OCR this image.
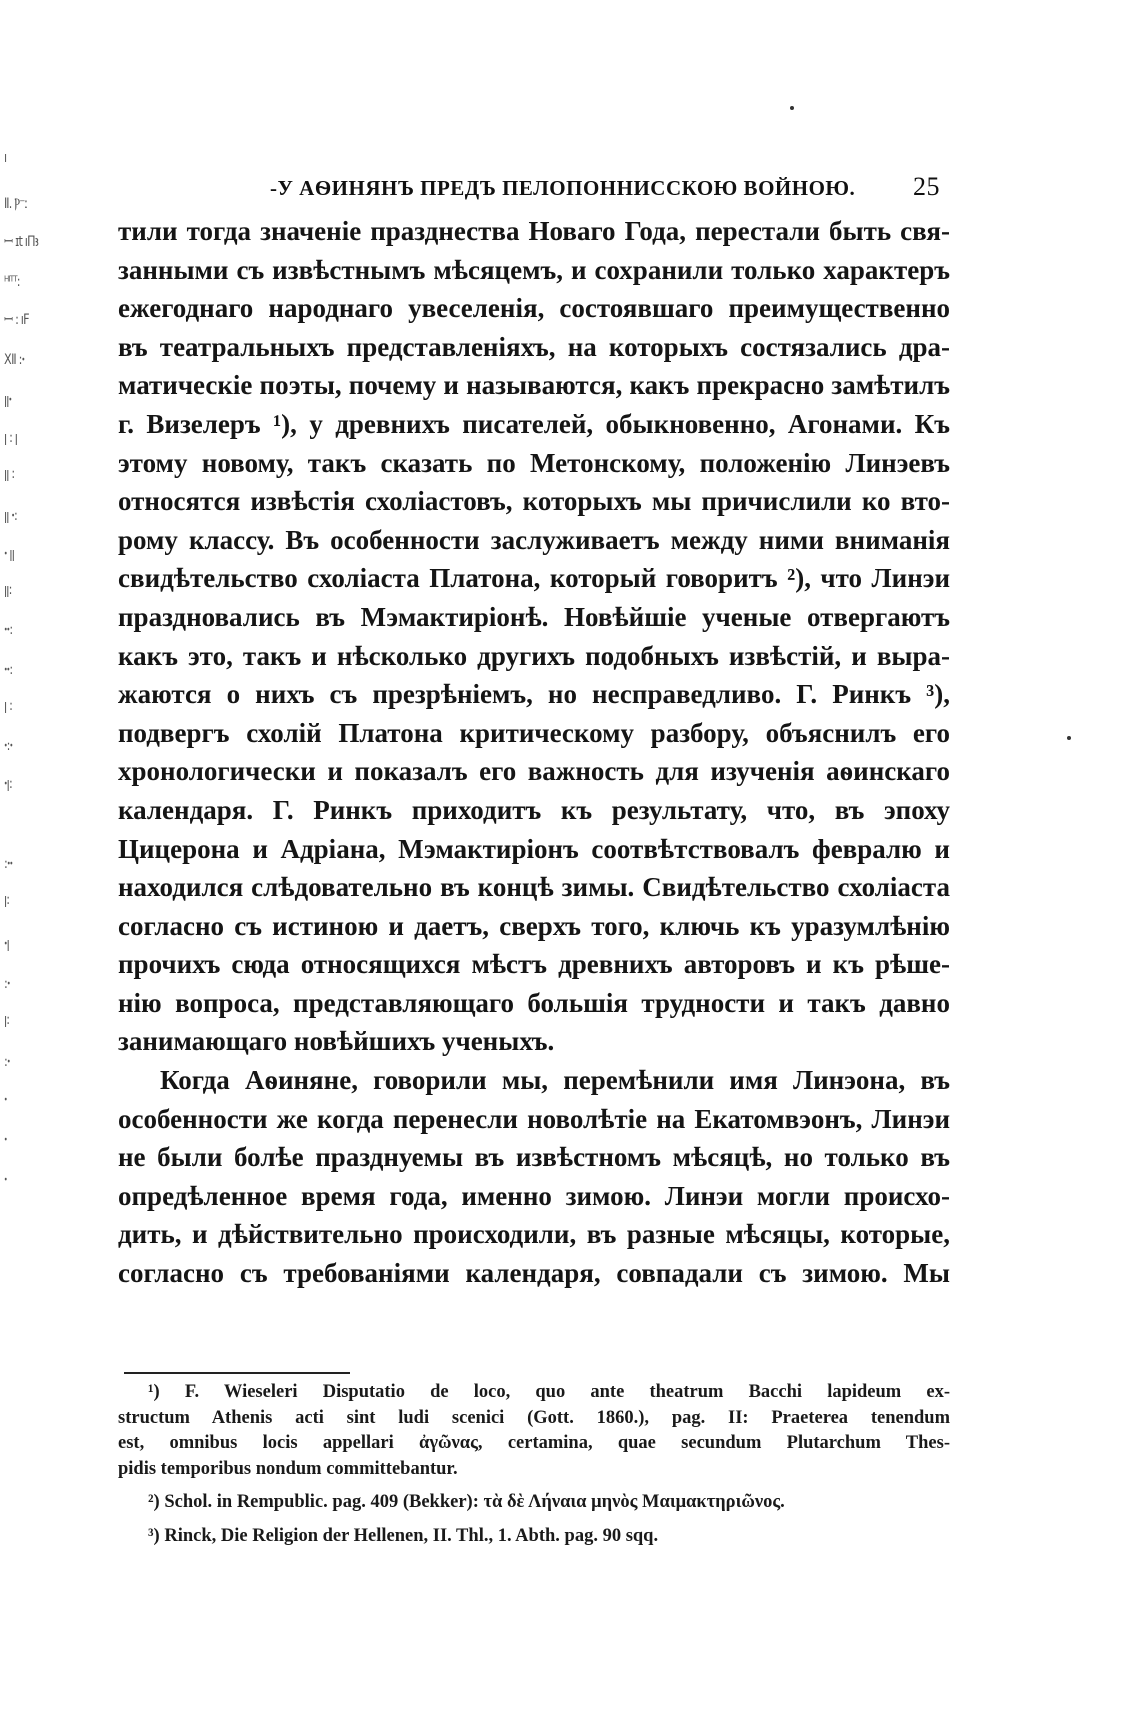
ı
Ⅱ. Ⲣ⁻ː
ꟷ ɪt ıПꜣ
ᴴᴵᵀᵀ:
ꟷ ꞉ ıF
Ⅻ ꞉ꞏ
ꞁꞁꞏ
ꞁ ꞉ ꞁ
ꞁꞁ ꞉
ꞁꞁ ꞏ꞉
ꞏ ꞁꞁ
ꞁꞁ꞉
ꞏꞏ꞉
ꞏꞏ꞉
ꞁ ꞉
ꞏ꞉ꞏ
ꞏꞁ꞉
꞉ꞏꞏ
ꞁ꞉
ꞏꞁ
꞉ꞏ
ꞁ꞉
꞉ꞏ
ꞏ
ꞏ
ꞏ
-У АѲИНЯНЪ ПРЕДЪ ПЕЛОПОННИССКОЮ ВОЙНОЮ. 25
тили тогда значеніе празднества Новаго Года, перестали быть свя-
занными съ извѣстнымъ мѣсяцемъ, и сохранили только характеръ
ежегоднаго народнаго увеселенія, состоявшаго преимущественно
въ театральныхъ представленіяхъ, на которыхъ состязались дра-
матическіе поэты, почему и называются, какъ прекрасно замѣтилъ
г. Визелеръ ¹), у древнихъ писателей, обыкновенно, Агонами. Къ
этому новому, такъ сказать по Метонскому, положенію Линэевъ
относятся извѣстія схоліастовъ, которыхъ мы причислили ко вто-
рому классу. Въ особенности заслуживаетъ между ними вниманія
свидѣтельство схоліаста Платона, который говоритъ ²), что Линэи
праздновались въ Мэмактиріонѣ. Новѣйшіе ученые отвергаютъ
какъ это, такъ и нѣсколько другихъ подобныхъ извѣстій, и выра-
жаются о нихъ съ презрѣніемъ, но несправедливо. Г. Ринкъ ³),
подвергъ схолій Платона критическому разбору, объяснилъ его
хронологически и показалъ его важность для изученія аѳинскаго
календаря. Г. Ринкъ приходитъ къ результату, что, въ эпоху
Цицерона и Адріана, Мэмактиріонъ соотвѣтствовалъ февралю и
находился слѣдовательно въ концѣ зимы. Свидѣтельство схоліаста
согласно съ истиною и даетъ, сверхъ того, ключь къ уразумлѣнію
прочихъ сюда относящихся мѣстъ древнихъ авторовъ и къ рѣше-
нію вопроса, представляющаго большія трудности и такъ давно
занимающаго новѣйшихъ ученыхъ.
Когда Аѳиняне, говорили мы, перемѣнили имя Линэона, въ
особенности же когда перенесли новолѣтіе на Екатомвэонъ, Линэи
не были болѣе празднуемы въ извѣстномъ мѣсяцѣ, но только въ
опредѣленное время года, именно зимою. Линэи могли происхо-
дить, и дѣйствительно происходили, въ разные мѣсяцы, которые,
согласно съ требованіями календаря, совпадали съ зимою. Мы
¹) F. Wieseleri Disputatio de loco, quo ante theatrum Bacchi lapideum ex-
structum Athenis acti sint ludi scenici (Gott. 1860.), pag. II: Praeterea tenendum
est, omnibus locis appellari ἀγῶνας, certamina, quae secundum Plutarchum Thes-
pidis temporibus nondum committebantur.
²) Schol. in Rempublic. pag. 409 (Bekker): τὰ δὲ Λήναια μηνὸς Μαιμακτηριῶνος.
³) Rinck, Die Religion der Hellenen, II. Thl., 1. Abth. pag. 90 sqq.
